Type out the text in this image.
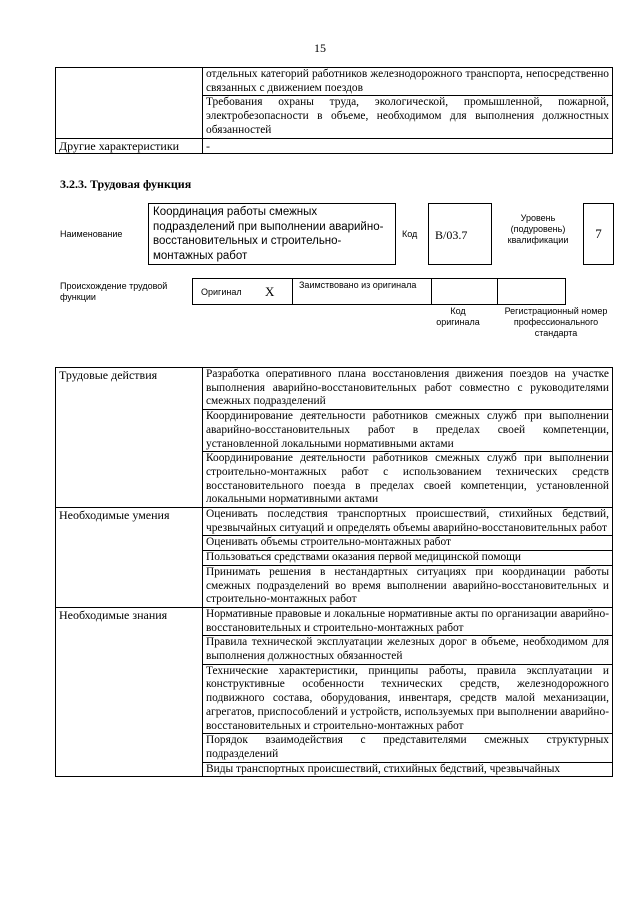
15
	отдельных категорий работников железнодорожного транспорта, непосредственно связанных с движением поездов
	Требования охраны труда, экологической, промышленной, пожарной, электробезопасности в объеме, необходимом для выполнения должностных обязанностей
Другие характеристики	-
3.2.3. Трудовая функция
Наименование
Координация работы смежных подразделений при выполнении аварийно-восстановительных и строительно-монтажных работ
Код	B/03.7
Уровень (подуровень) квалификации	7
Происхождение трудовой функции	Оригинал X	Заимствовано из оригинала
Код оригинала
Регистрационный номер профессионального стандарта
Трудовые действия	Разработка оперативного плана восстановления движения поездов на участке выполнения аварийно-восстановительных работ совместно с руководителями смежных подразделений
	Координирование деятельности работников смежных служб при выполнении аварийно-восстановительных работ в пределах своей компетенции, установленной локальными нормативными актами
	Координирование деятельности работников смежных служб при выполнении строительно-монтажных работ с использованием технических средств восстановительного поезда в пределах своей компетенции, установленной локальными нормативными актами
Необходимые умения	Оценивать последствия транспортных происшествий, стихийных бедствий, чрезвычайных ситуаций и определять объемы аварийно-восстановительных работ
	Оценивать объемы строительно-монтажных работ
	Пользоваться средствами оказания первой медицинской помощи
	Принимать решения в нестандартных ситуациях при координации работы смежных подразделений во время выполнении аварийно-восстановительных и строительно-монтажных работ
Необходимые знания	Нормативные правовые и локальные нормативные акты по организации аварийно-восстановительных и строительно-монтажных работ
	Правила технической эксплуатации железных дорог в объеме, необходимом для выполнения должностных обязанностей
	Технические характеристики, принципы работы, правила эксплуатации и конструктивные особенности технических средств, железнодорожного подвижного состава, оборудования, инвентаря, средств малой механизации, агрегатов, приспособлений и устройств, используемых при выполнении аварийно-восстановительных и строительно-монтажных работ
	Порядок взаимодействия с представителями смежных структурных подразделений
	Виды транспортных происшествий, стихийных бедствий, чрезвычайных
